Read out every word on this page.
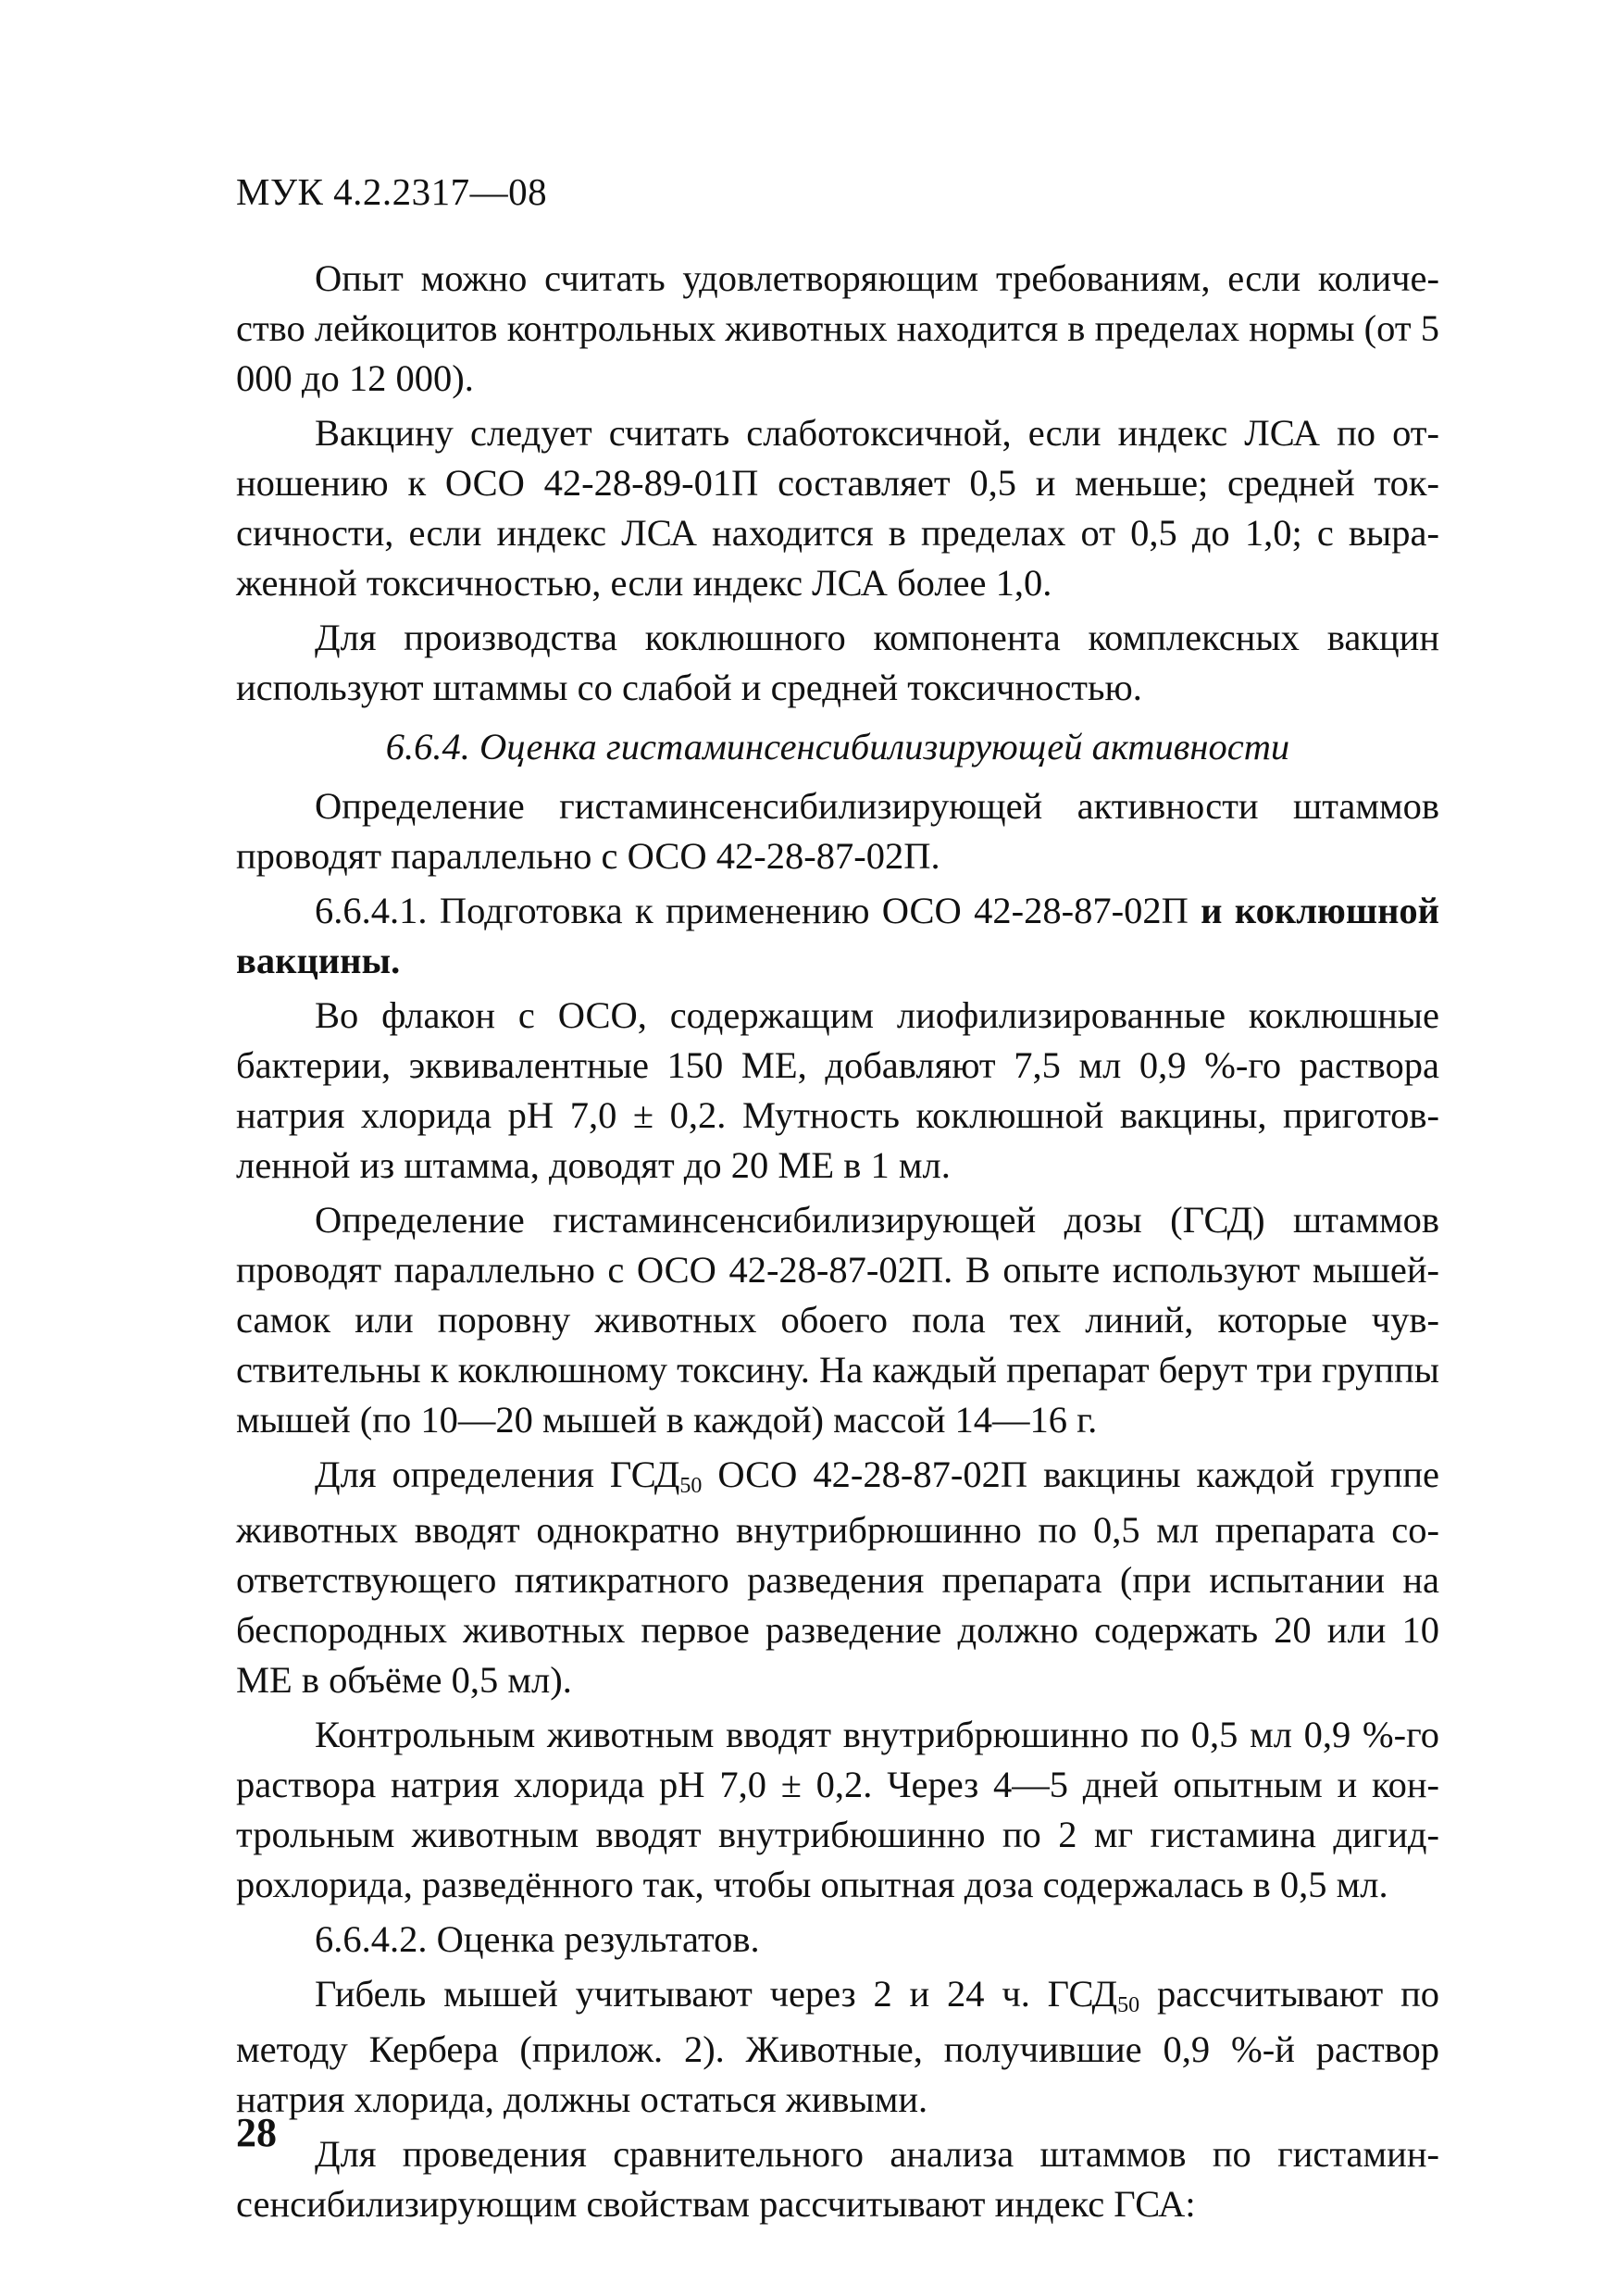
МУК 4.2.2317—08

Опыт можно считать удовлетворяющим требованиям, если количество лейкоцитов контрольных животных находится в пределах нормы (от 5 000 до 12 000).

Вакцину следует считать слаботоксичной, если индекс ЛСА по отношению к ОСО 42-28-89-01П составляет 0,5 и меньше; средней токсичности, если индекс ЛСА находится в пределах от 0,5 до 1,0; с выраженной токсичностью, если индекс ЛСА более 1,0.

Для производства коклюшного компонента комплексных вакцин используют штаммы со слабой и средней токсичностью.

6.6.4. Оценка гистаминсенсибилизирующей активности

Определение гистаминсенсибилизирующей активности штаммов проводят параллельно с ОСО 42-28-87-02П.

6.6.4.1. Подготовка к применению ОСО 42-28-87-02П и коклюшной вакцины.

Во флакон с ОСО, содержащим лиофилизированные коклюшные бактерии, эквивалентные 150 МЕ, добавляют 7,5 мл 0,9 %-го раствора натрия хлорида рН 7,0 ± 0,2. Мутность коклюшной вакцины, приготовленной из штамма, доводят до 20 МЕ в 1 мл.

Определение гистаминсенсибилизирующей дозы (ГСД) штаммов проводят параллельно с ОСО 42-28-87-02П. В опыте используют мышей-самок или поровну животных обоего пола тех линий, которые чувствительны к коклюшному токсину. На каждый препарат берут три группы мышей (по 10—20 мышей в каждой) массой 14—16 г.

Для определения $ГСД_{50}$ ОСО 42-28-87-02П вакцины каждой группе животных вводят однократно внутрибрюшинно по 0,5 мл препарата соответствующего пятикратного разведения препарата (при испытании на беспородных животных первое разведение должно содержать 20 или 10 МЕ в объёме 0,5 мл).

Контрольным животным вводят внутрибрюшинно по 0,5 мл 0,9 %-го раствора натрия хлорида рН 7,0 ± 0,2. Через 4—5 дней опытным и контрольным животным вводят внутрибюшинно по 2 мг гистамина дигидрохлорида, разведённого так, чтобы опытная доза содержалась в 0,5 мл.

6.6.4.2. Оценка результатов.

Гибель мышей учитывают через 2 и 24 ч. $ГСД_{50}$ рассчитывают по методу Кербера (прилож. 2). Животные, получившие 0,9 %-й раствор натрия хлорида, должны остаться живыми.

Для проведения сравнительного анализа штаммов по гистаминсенсибилизирующим свойствам рассчитывают индекс ГСА:

28
